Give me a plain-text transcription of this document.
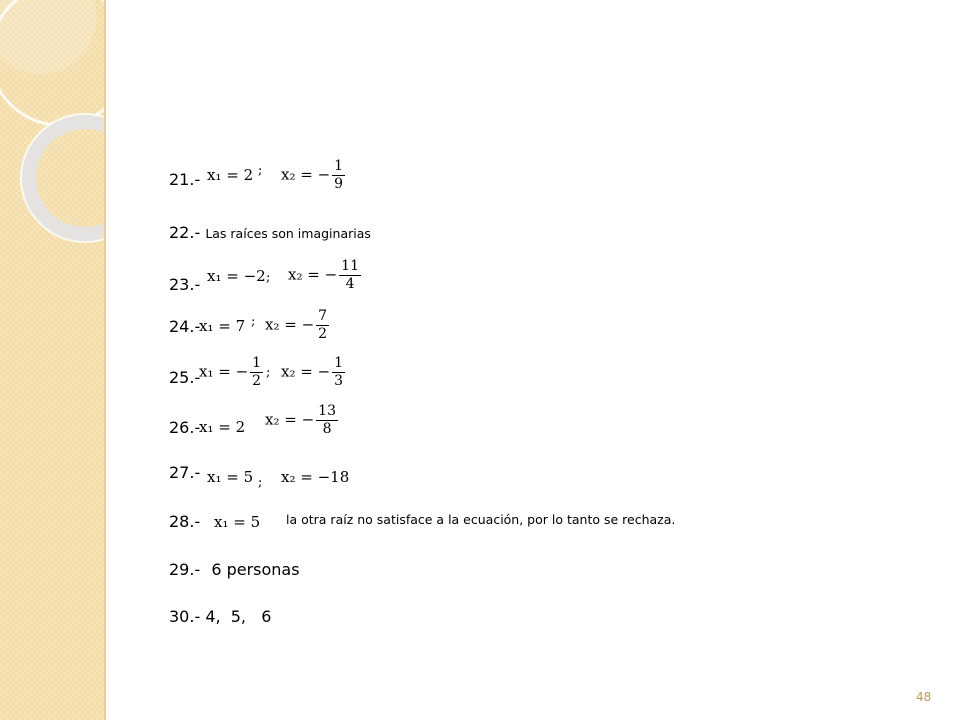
21.- x₁ = 2 ; x₂ = − $\frac{1}{9}$
22.- Las raíces son imaginarias
23.- x₁ = −2 ; x₂ = − $\frac{11}{4}$
24.-
x₁ = 7 ; x₂ = − $\frac{7}{2}$
25.-
x₁ = − $\frac{1}{2}$ ; x₂ = − $\frac{1}{3}$
26.-
x₁ = 2 x₂ = − $\frac{13}{8}$
27.- x₁ = 5 ; x₂ = −18
28.- x₁ = 5 la otra raíz no satisface a la ecuación, por lo tanto se rechaza.
29.- 6 personas
30.- 4,  5,   6
48
